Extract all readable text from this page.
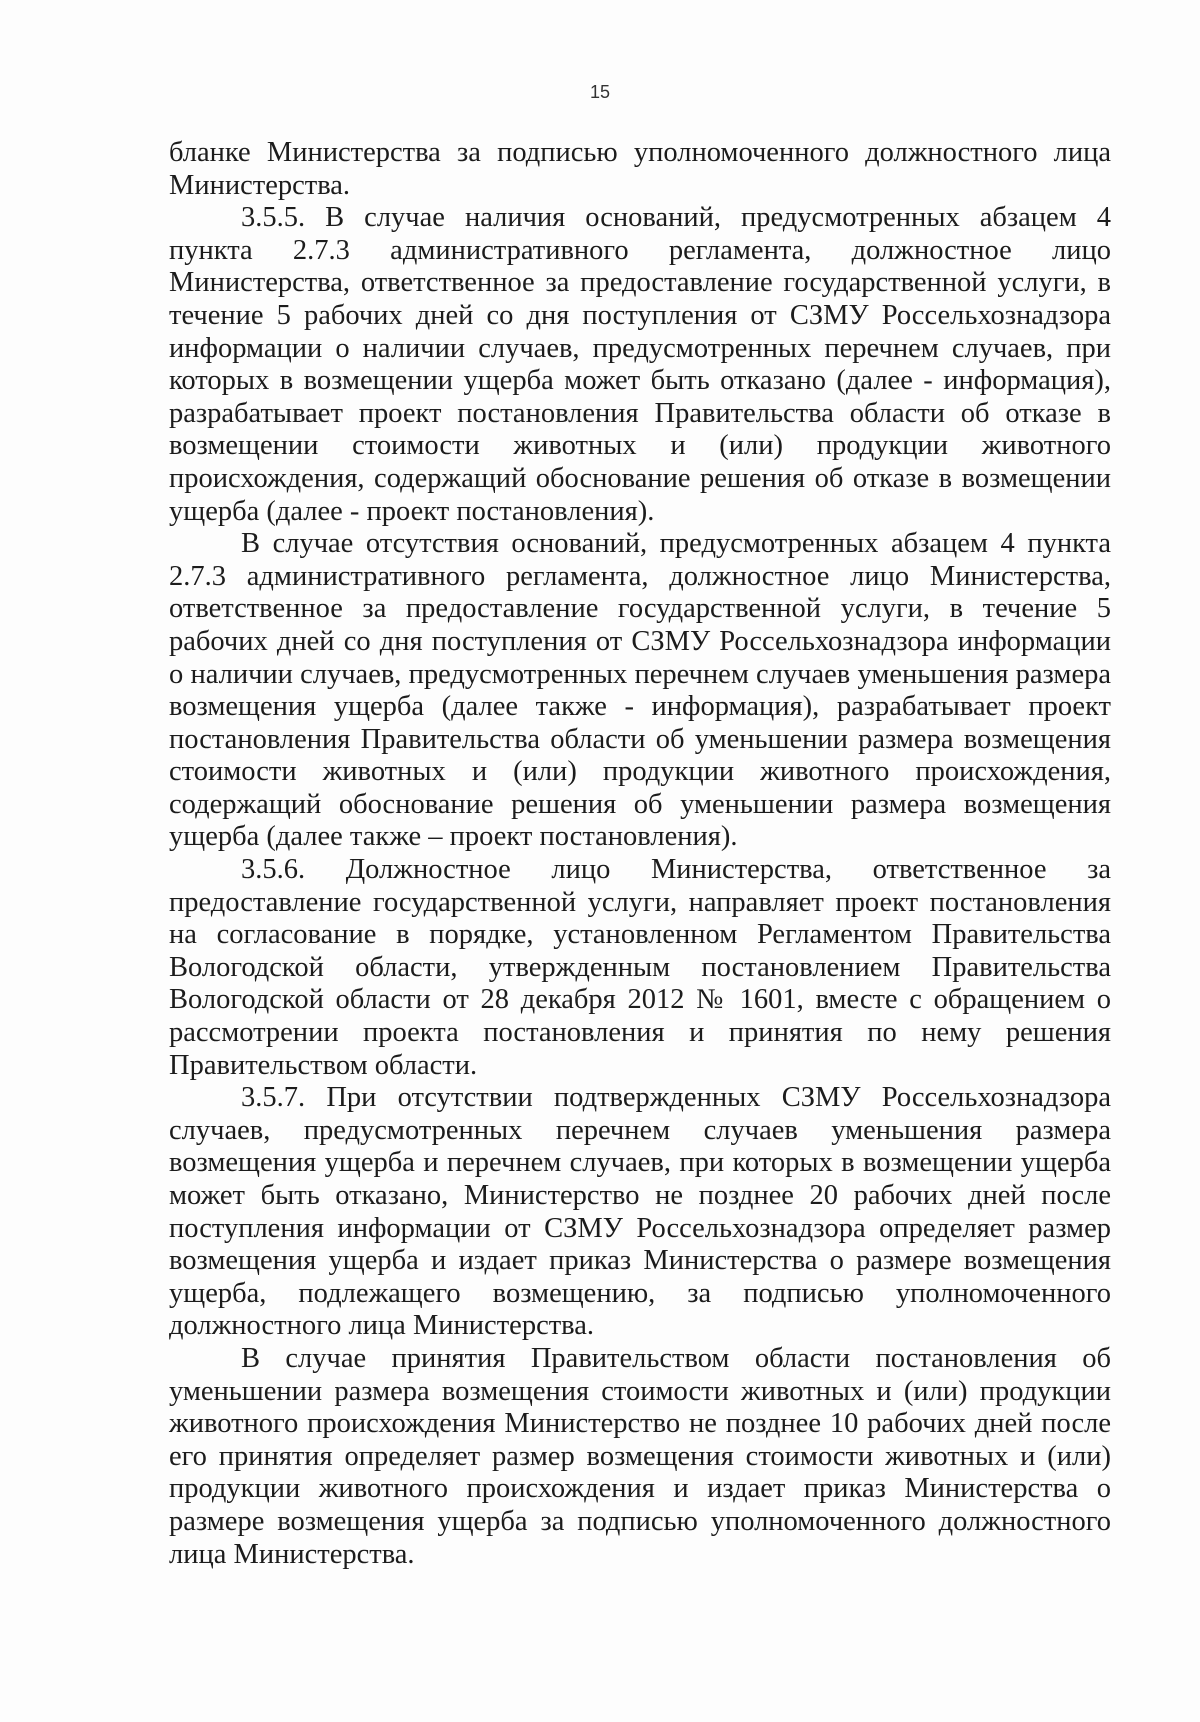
15

бланке Министерства за подписью уполномоченного должностного лица Министерства.

3.5.5. В случае наличия оснований, предусмотренных абзацем 4 пункта 2.7.3 административного регламента, должностное лицо Министерства, ответственное за предоставление государственной услуги, в течение 5 рабочих дней со дня поступления от СЗМУ Россельхознадзора информации о наличии случаев, предусмотренных перечнем случаев, при которых в возмещении ущерба может быть отказано (далее - информация), разрабатывает проект постановления Правительства области об отказе в возмещении стоимости животных и (или) продукции животного происхождения, содержащий обоснование решения об отказе в возмещении ущерба (далее - проект постановления).

В случае отсутствия оснований, предусмотренных абзацем 4 пункта 2.7.3 административного регламента, должностное лицо Министерства, ответственное за предоставление государственной услуги, в течение 5 рабочих дней со дня поступления от СЗМУ Россельхознадзора информации о наличии случаев, предусмотренных перечнем случаев уменьшения размера возмещения ущерба (далее также - информация), разрабатывает проект постановления Правительства области об уменьшении размера возмещения стоимости животных и (или) продукции животного происхождения, содержащий обоснование решения об уменьшении размера возмещения ущерба (далее также – проект постановления).

3.5.6. Должностное лицо Министерства, ответственное за предоставление государственной услуги, направляет проект постановления на согласование в порядке, установленном Регламентом Правительства Вологодской области, утвержденным постановлением Правительства Вологодской области от 28 декабря 2012 № 1601, вместе с обращением о рассмотрении проекта постановления и принятия по нему решения Правительством области.

3.5.7. При отсутствии подтвержденных СЗМУ Россельхознадзора случаев, предусмотренных перечнем случаев уменьшения размера возмещения ущерба и перечнем случаев, при которых в возмещении ущерба может быть отказано, Министерство не позднее 20 рабочих дней после поступления информации от СЗМУ Россельхознадзора определяет размер возмещения ущерба и издает приказ Министерства о размере возмещения ущерба, подлежащего возмещению, за подписью уполномоченного должностного лица Министерства.

В случае принятия Правительством области постановления об уменьшении размера возмещения стоимости животных и (или) продукции животного происхождения Министерство не позднее 10 рабочих дней после его принятия определяет размер возмещения стоимости животных и (или) продукции животного происхождения и издает приказ Министерства о размере возмещения ущерба за подписью уполномоченного должностного лица Министерства.
